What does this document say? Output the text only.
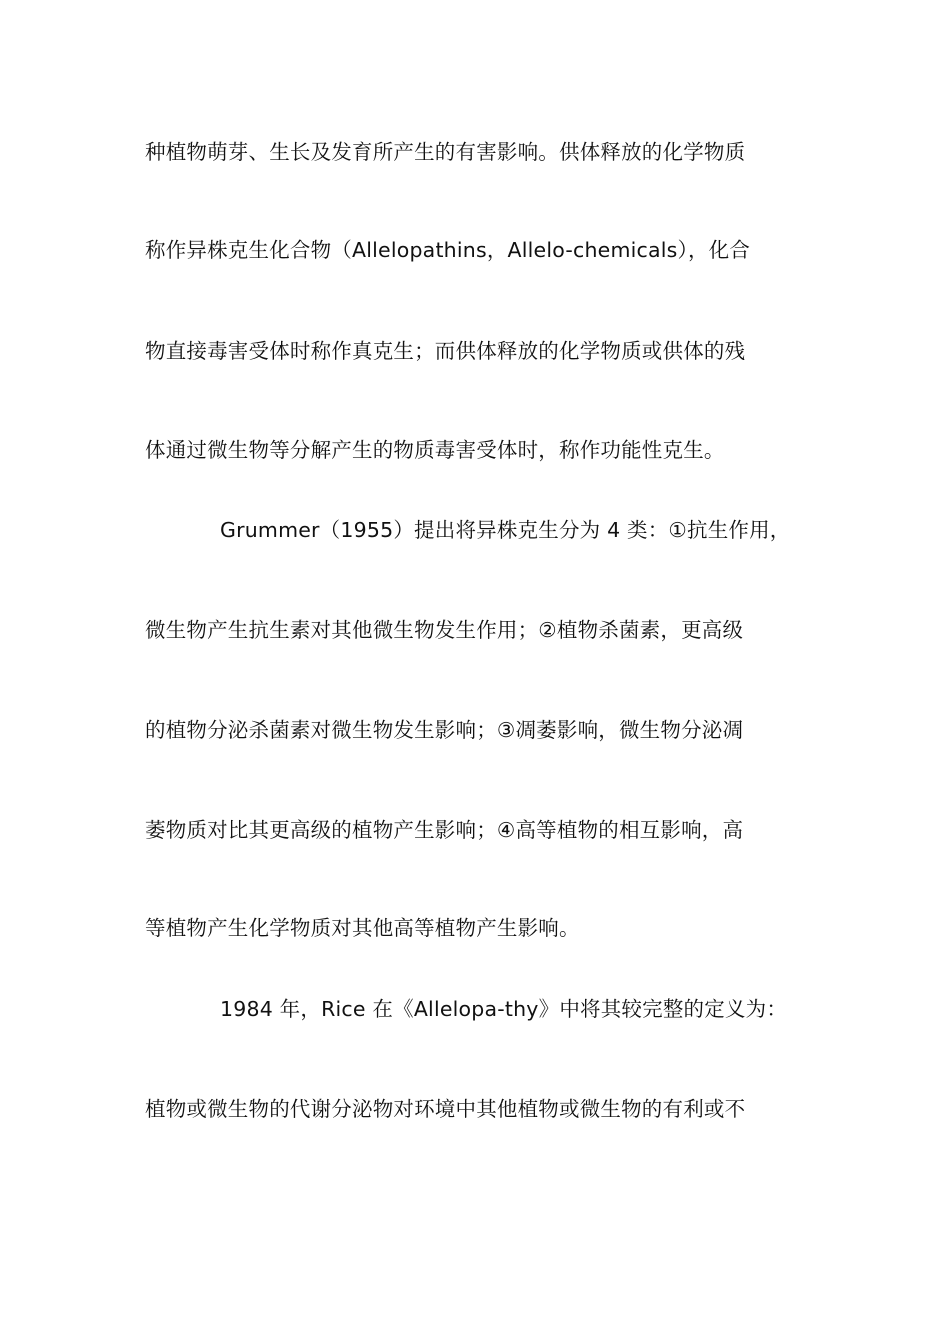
种植物萌芽、生长及发育所产生的有害影响。供体释放的化学物质
称作异株克生化合物（Allelopathins，Allelo-chemicals），化合
物直接毒害受体时称作真克生；而供体释放的化学物质或供体的残
体通过微生物等分解产生的物质毒害受体时，称作功能性克生。
Grummer（1955）提出将异株克生分为 4 类：①抗生作用，
微生物产生抗生素对其他微生物发生作用；②植物杀菌素，更高级
的植物分泌杀菌素对微生物发生影响；③凋萎影响，微生物分泌凋
萎物质对比其更高级的植物产生影响；④高等植物的相互影响，高
等植物产生化学物质对其他高等植物产生影响。
1984 年，Rice 在《Allelopa-thy》中将其较完整的定义为：
植物或微生物的代谢分泌物对环境中其他植物或微生物的有利或不
